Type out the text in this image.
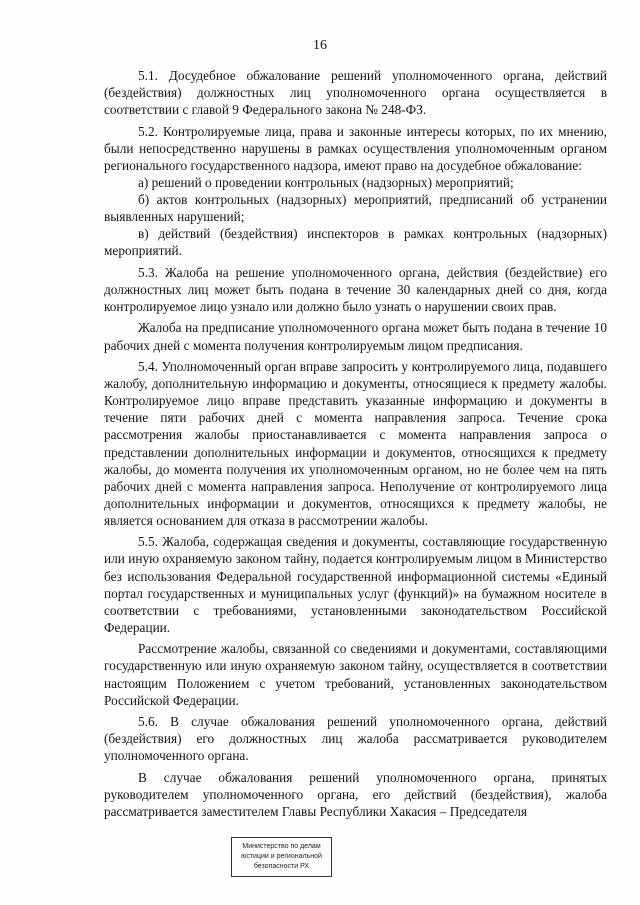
16

5.1. Досудебное обжалование решений уполномоченного органа, действий (бездействия) должностных лиц уполномоченного органа осуществляется в соответствии с главой 9 Федерального закона № 248-ФЗ.

5.2. Контролируемые лица, права и законные интересы которых, по их мнению, были непосредственно нарушены в рамках осуществления уполномоченным органом регионального государственного надзора, имеют право на досудебное обжалование:

а) решений о проведении контрольных (надзорных) мероприятий;

б) актов контрольных (надзорных) мероприятий, предписаний об устранении выявленных нарушений;

в) действий (бездействия) инспекторов в рамках контрольных (надзорных) мероприятий.

5.3. Жалоба на решение уполномоченного органа, действия (бездействие) его должностных лиц может быть подана в течение 30 календарных дней со дня, когда контролируемое лицо узнало или должно было узнать о нарушении своих прав.

Жалоба на предписание уполномоченного органа может быть подана в течение 10 рабочих дней с момента получения контролируемым лицом предписания.

5.4. Уполномоченный орган вправе запросить у контролируемого лица, подавшего жалобу, дополнительную информацию и документы, относящиеся к предмету жалобы. Контролируемое лицо вправе представить указанные информацию и документы в течение пяти рабочих дней с момента направления запроса. Течение срока рассмотрения жалобы приостанавливается с момента направления запроса о представлении дополнительных информации и документов, относящихся к предмету жалобы, до момента получения их уполномоченным органом, но не более чем на пять рабочих дней с момента направления запроса. Неполучение от контролируемого лица дополнительных информации и документов, относящихся к предмету жалобы, не является основанием для отказа в рассмотрении жалобы.

5.5. Жалоба, содержащая сведения и документы, составляющие государственную или иную охраняемую законом тайну, подается контролируемым лицом в Министерство без использования Федеральной государственной информационной системы «Единый портал государственных и муниципальных услуг (функций)» на бумажном носителе в соответствии с требованиями, установленными законодательством Российской Федерации.

Рассмотрение жалобы, связанной со сведениями и документами, составляющими государственную или иную охраняемую законом тайну, осуществляется в соответствии настоящим Положением с учетом требований, установленных законодательством Российской Федерации.

5.6. В случае обжалования решений уполномоченного органа, действий (бездействия) его должностных лиц жалоба рассматривается руководителем уполномоченного органа.

В случае обжалования решений уполномоченного органа, принятых руководителем уполномоченного органа, его действий (бездействия), жалоба рассматривается заместителем Главы Республики Хакасия – Председателя

Министерство по делам
юстиции и региональной
безопасности РХ
